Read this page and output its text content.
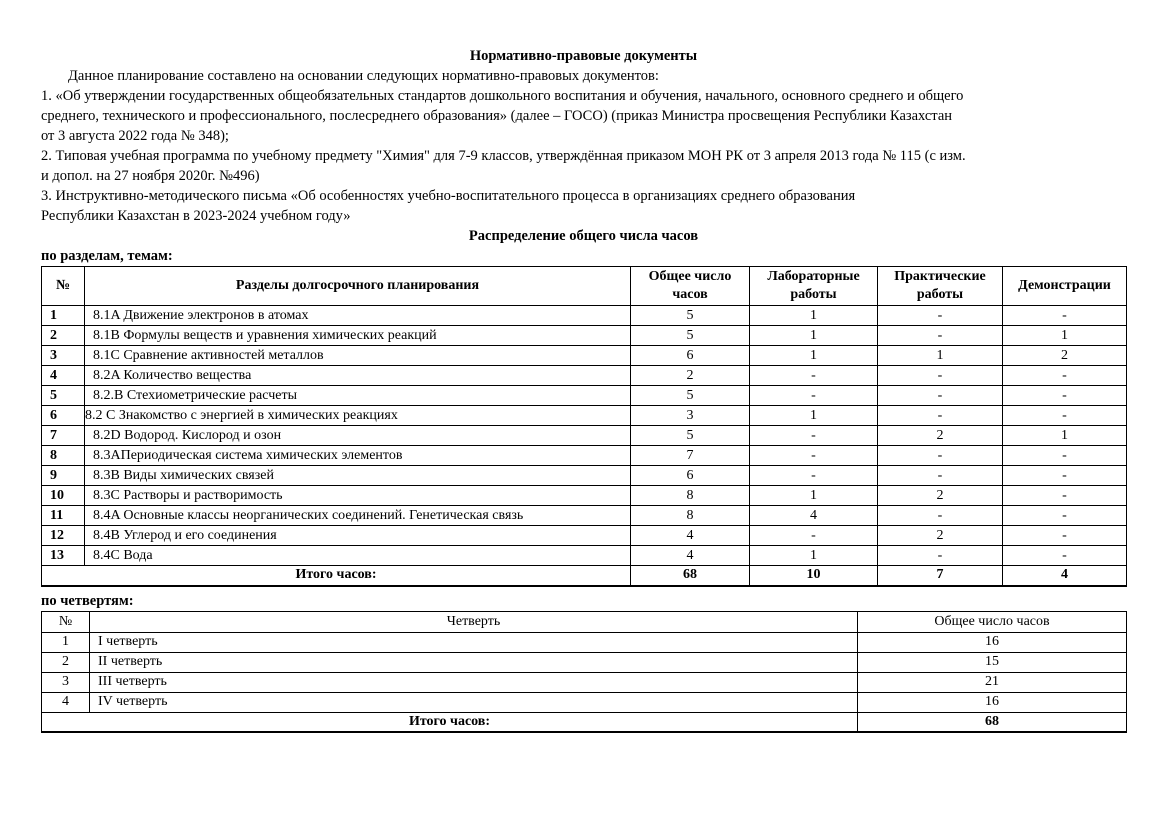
Нормативно-правовые документы
Данное планирование составлено на основании следующих нормативно-правовых документов:
1. «Об утверждении государственных общеобязательных стандартов дошкольного воспитания и обучения, начального, основного среднего и общего
среднего, технического и профессионального, послесреднего образования» (далее – ГОСО) (приказ Министра просвещения Республики Казахстан
от 3 августа 2022 года № 348);
2. Типовая учебная программа по учебному предмету "Химия" для 7-9 классов, утверждённая приказом МОН РК от 3 апреля 2013 года № 115 (с изм.
и допол. на 27 ноября 2020г. №496)
3. Инструктивно-методического письма «Об особенностях учебно-воспитательного процесса в организациях среднего образования
Республики Казахстан в 2023-2024 учебном году»
Распределение общего числа часов
по разделам, темам:
№	Разделы долгосрочного планирования	Общее число часов	Лабораторные работы	Практические работы	Демонстрации
1	8.1A Движение электронов в атомах	5	1	-	-
2	8.1B Формулы веществ и уравнения химических реакций	5	1	-	1
3	8.1C Сравнение активностей металлов	6	1	1	2
4	8.2A Количество вещества	2	-	-	-
5	8.2.B Стехиометрические расчеты	5	-	-	-
6	8.2 C Знакомство с энергией в химических реакциях	3	1	-	-
7	8.2D Водород. Кислород и озон	5	-	2	1
8	8.3AПериодическая система химических элементов	7	-	-	-
9	8.3B Виды химических связей	6	-	-	-
10	8.3C Растворы и растворимость	8	1	2	-
11	8.4A Основные классы неорганических соединений. Генетическая связь	8	4	-	-
12	8.4B Углерод и его соединения	4	-	2	-
13	8.4C Вода	4	1	-	-
Итого часов:		68	10	7	4
по четвертям:
№	Четверть	Общее число часов
1	I четверть	16
2	II четверть	15
3	III четверть	21
4	IV четверть	16
Итого часов:		68
